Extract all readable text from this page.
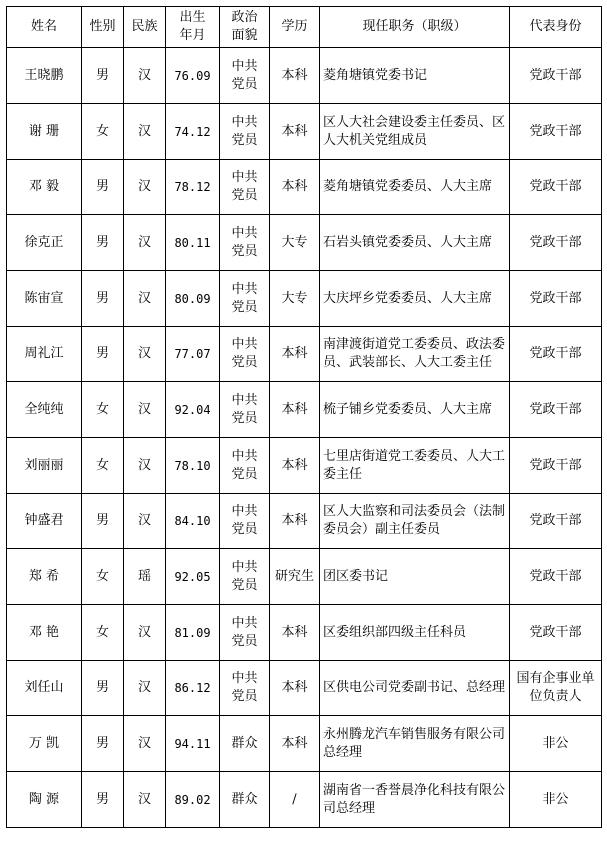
姓名	性别	民族	出生年月	政治面貌	学历	现任职务（职级）	代表身份
王晓鹏	男	汉	76.09	中共党员	本科	菱角塘镇党委书记	党政干部
谢 珊	女	汉	74.12	中共党员	本科	区人大社会建设委主任委员、区人大机关党组成员	党政干部
邓 毅	男	汉	78.12	中共党员	本科	菱角塘镇党委委员、人大主席	党政干部
徐克正	男	汉	80.11	中共党员	大专	石岩头镇党委委员、人大主席	党政干部
陈宙宣	男	汉	80.09	中共党员	大专	大庆坪乡党委委员、人大主席	党政干部
周礼江	男	汉	77.07	中共党员	本科	南津渡街道党工委委员、政法委员、武装部长、人大工委主任	党政干部
全纯纯	女	汉	92.04	中共党员	本科	梳子铺乡党委委员、人大主席	党政干部
刘丽丽	女	汉	78.10	中共党员	本科	七里店街道党工委委员、人大工委主任	党政干部
钟盛君	男	汉	84.10	中共党员	本科	区人大监察和司法委员会（法制委员会）副主任委员	党政干部
郑 希	女	瑶	92.05	中共党员	研究生	团区委书记	党政干部
邓 艳	女	汉	81.09	中共党员	本科	区委组织部四级主任科员	党政干部
刘任山	男	汉	86.12	中共党员	本科	区供电公司党委副书记、总经理	国有企事业单位负责人
万 凯	男	汉	94.11	群众	本科	永州腾龙汽车销售服务有限公司总经理	非公
陶 源	男	汉	89.02	群众	/	湖南省一香誉晨净化科技有限公司总经理	非公
